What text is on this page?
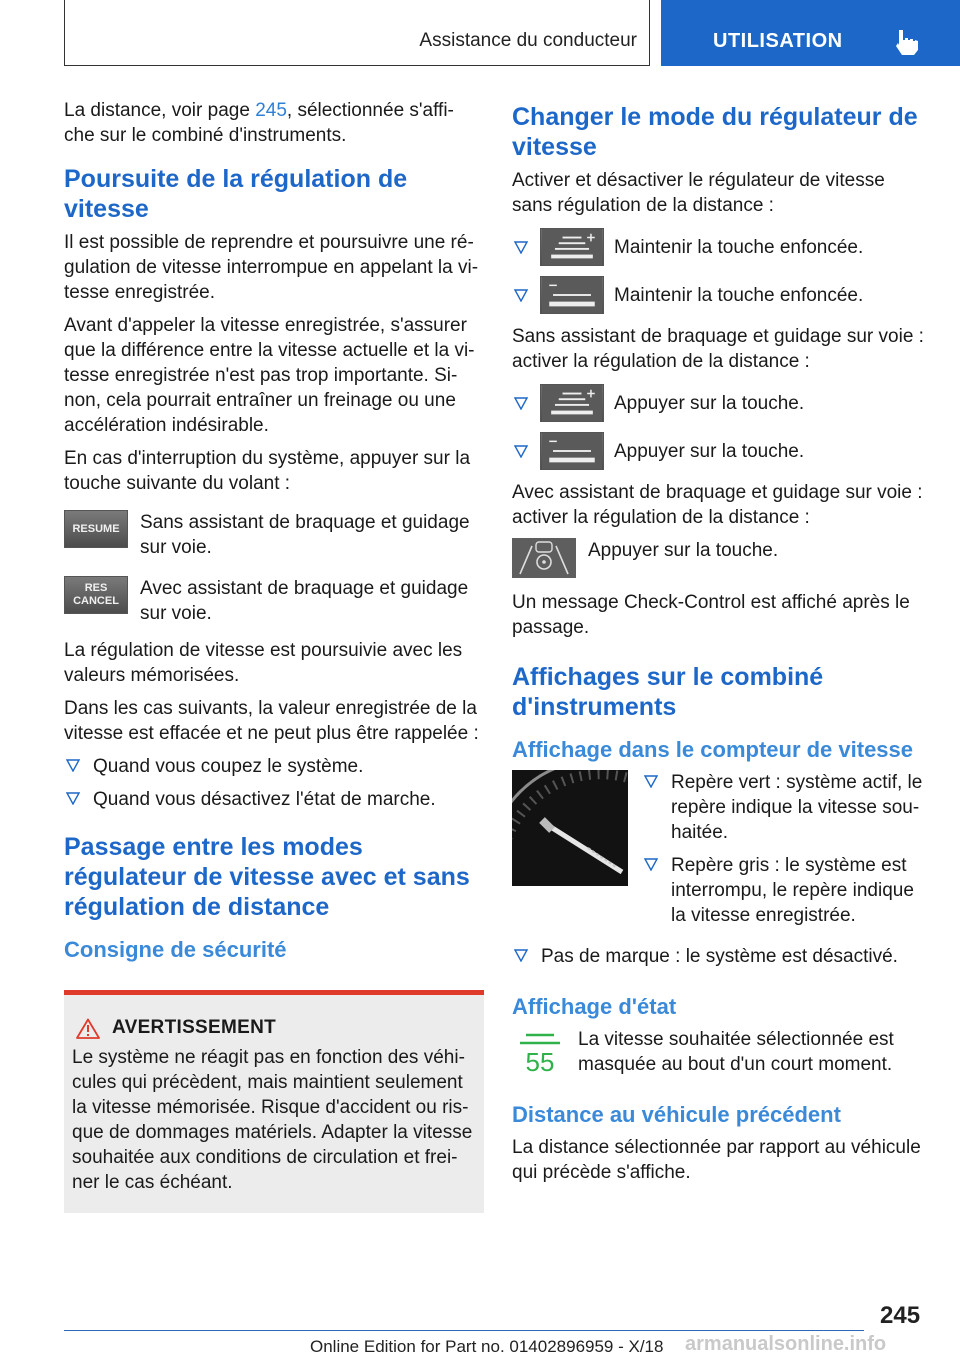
Assistance du conducteur	UTILISATION

La distance, voir page 245, sélectionnée s'affi-che sur le combiné d'instruments.

Poursuite de la régulation de vitesse

Il est possible de reprendre et poursuivre une ré-gulation de vitesse interrompue en appelant la vi-tesse enregistrée.

Avant d'appeler la vitesse enregistrée, s'assurer que la différence entre la vitesse actuelle et la vi-tesse enregistrée n'est pas trop importante. Si-non, cela pourrait entraîner un freinage ou une accélération indésirable.

En cas d'interruption du système, appuyer sur la touche suivante du volant :

RESUME	Sans assistant de braquage et guidage sur voie.
RES
CANCEL
Avec assistant de braquage et guidage sur voie.

La régulation de vitesse est poursuivie avec les valeurs mémorisées.

Dans les cas suivants, la valeur enregistrée de la vitesse est effacée et ne peut plus être rappelée :

Quand vous coupez le système.
Quand vous désactivez l'état de marche.
Passage entre les modes régulateur de vitesse avec et sans régulation de distance
Consigne de sécurité
AVERTISSEMENT

Le système ne réagit pas en fonction des véhi-cules qui précèdent, mais maintient seulement la vitesse mémorisée. Risque d'accident ou ris-que de dommages matériels. Adapter la vitesse souhaitée aux conditions de circulation et frei-ner le cas échéant.

Changer le mode du régulateur de vitesse

Activer et désactiver le régulateur de vitesse sans régulation de la distance :

Maintenir la touche enfoncée.
Maintenir la touche enfoncée.

Sans assistant de braquage et guidage sur voie : activer la régulation de la distance :

Appuyer sur la touche.
Appuyer sur la touche.

Avec assistant de braquage et guidage sur voie : activer la régulation de la distance :

Appuyer sur la touche.

Un message Check-Control est affiché après le passage.

Affichages sur le combiné d'instruments
Affichage dans le compteur de vitesse
Repère vert : système actif, le repère indique la vitesse sou-haitée.
Repère gris : le système est interrompu, le repère indique la vitesse enregistrée.
Pas de marque : le système est désactivé.
Affichage d'état
55
La vitesse souhaitée sélectionnée est masquée au bout d'un court moment.
Distance au véhicule précédent

La distance sélectionnée par rapport au véhicule qui précède s'affiche.

245
Online Edition for Part no. 01402896959 - X/18 armanualsonline.info
